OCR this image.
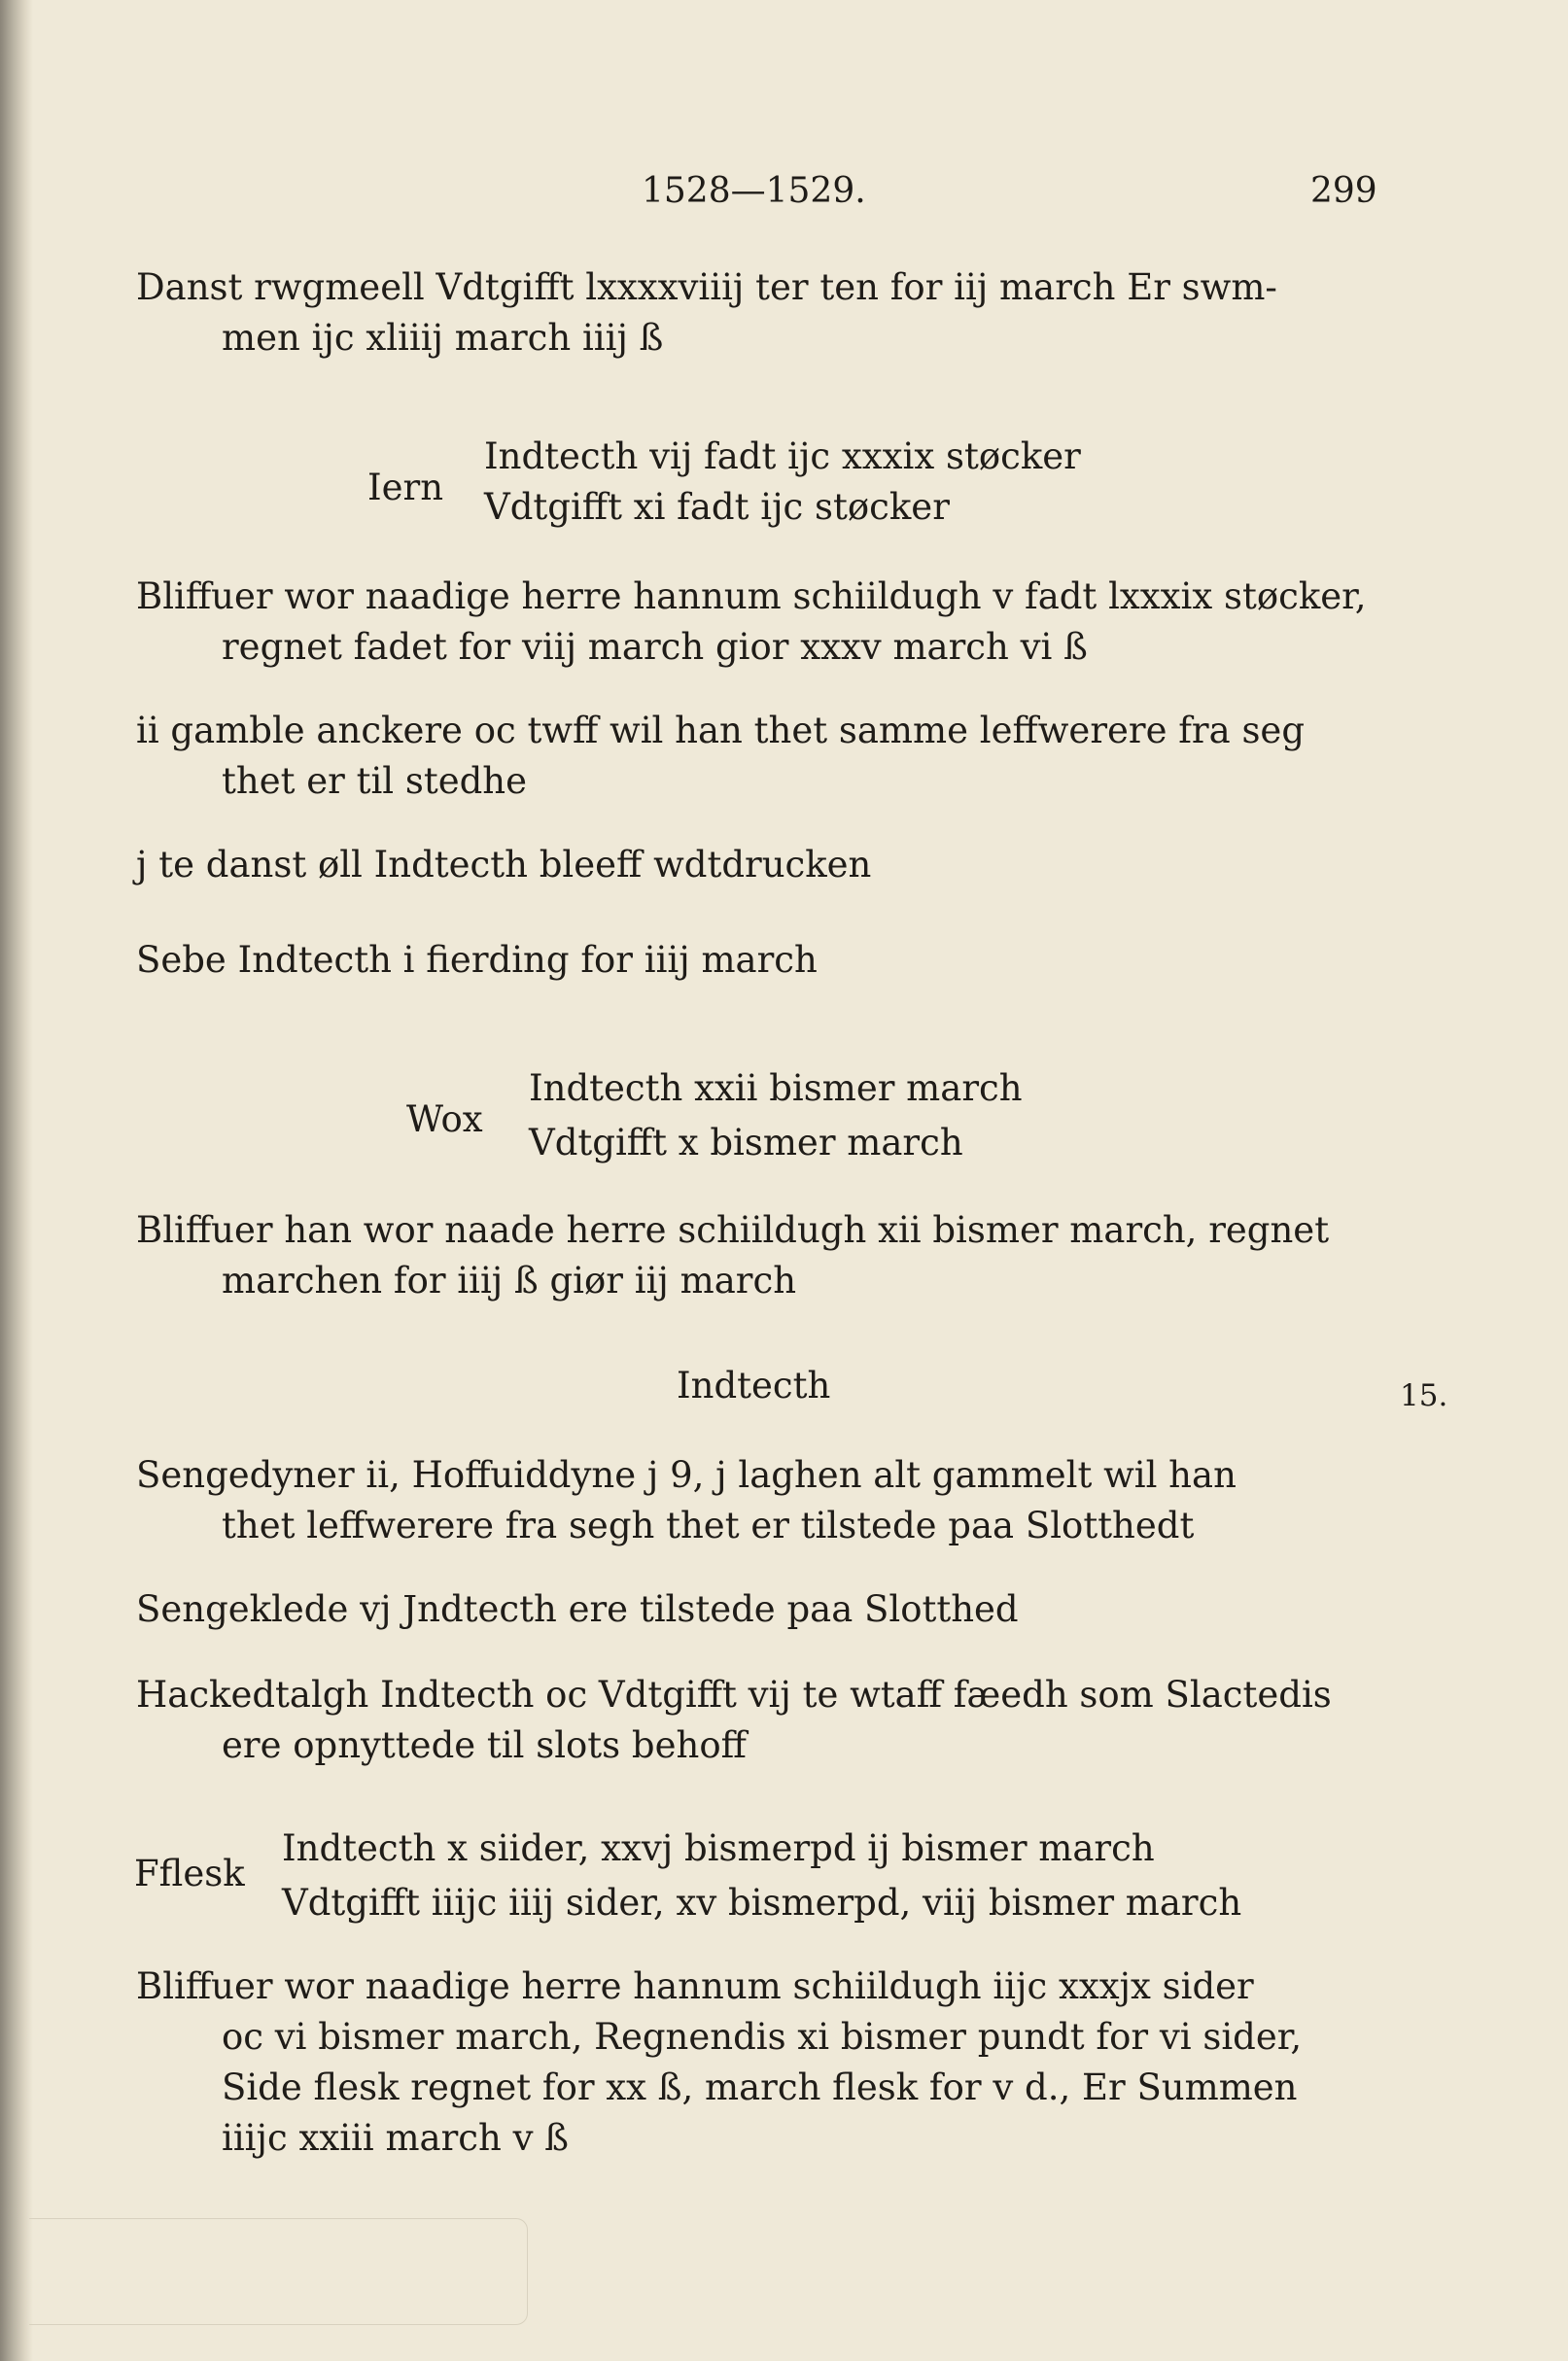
1528—1529.	299
Danst rwgmeell Vdtgifft lxxxxviiij ter ten for iij march Er swm-
men ijc xliiij march iiij ß
Iern
Indtecth vij fadt ijc xxxix støcker
Vdtgifft xi fadt ijc støcker
Bliffuer wor naadige herre hannum schiildugh v fadt lxxxix støcker,
regnet fadet for viij march gior xxxv march vi ß
ii gamble anckere oc twff wil han thet samme leffwerere fra seg
thet er til stedhe
j te danst øll Indtecth bleeff wdtdrucken
Sebe Indtecth i fierding for iiij march
Wox
Indtecth xxii bismer march
Vdtgifft x bismer march
Bliffuer han wor naade herre schiildugh xii bismer march, regnet
marchen for iiij ß giør iij march
Indtecth	15.
Sengedyner ii, Hoffuiddyne j 9, j laghen alt gammelt wil han
thet leffwerere fra segh thet er tilstede paa Slotthedt
Sengeklede vj Jndtecth ere tilstede paa Slotthed
Hackedtalgh Indtecth oc Vdtgifft vij te wtaff fæedh som Slactedis
ere opnyttede til slots behoff
Fflesk
Indtecth x siider, xxvj bismerpd ij bismer march
Vdtgifft iiijc iiij sider, xv bismerpd, viij bismer march
Bliffuer wor naadige herre hannum schiildugh iijc xxxjx sider
oc vi bismer march, Regnendis xi bismer pundt for vi sider,
Side flesk regnet for xx ß, march flesk for v d., Er Summen
iiijc xxiii march v ß
